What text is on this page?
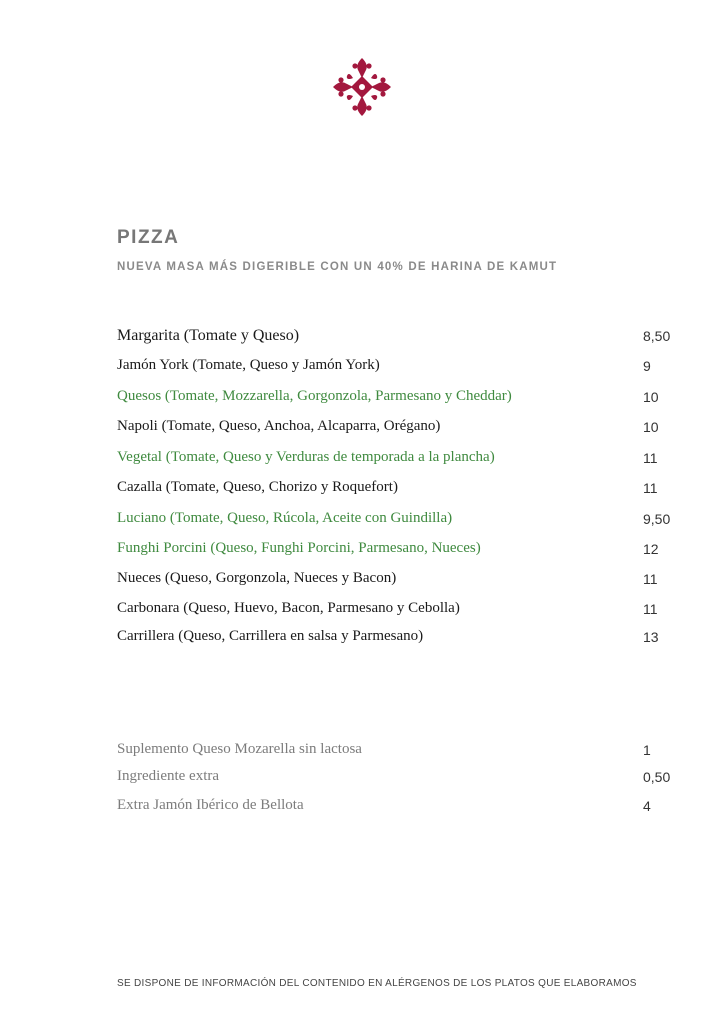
PIZZA
NUEVA MASA MÁS DIGERIBLE CON UN 40% DE HARINA DE KAMUT
Margarita (Tomate y Queso)	8,50
Jamón York (Tomate, Queso y Jamón York)	9
Quesos (Tomate, Mozzarella, Gorgonzola, Parmesano y Cheddar)	10
Napoli (Tomate, Queso, Anchoa, Alcaparra, Orégano)	10
Vegetal (Tomate, Queso y Verduras de temporada a la plancha)	11
Cazalla (Tomate, Queso, Chorizo y Roquefort)	11
Luciano (Tomate, Queso, Rúcola, Aceite con Guindilla)	9,50
Funghi Porcini (Queso, Funghi Porcini, Parmesano, Nueces)	12
Nueces (Queso, Gorgonzola, Nueces y Bacon)	11
Carbonara (Queso, Huevo, Bacon, Parmesano y Cebolla)	11
Carrillera (Queso, Carrillera en salsa y Parmesano)	13
Suplemento Queso Mozarella sin lactosa	1
Ingrediente extra	0,50
Extra Jamón Ibérico de Bellota	4
SE DISPONE DE INFORMACIÓN DEL CONTENIDO EN ALÉRGENOS DE LOS PLATOS QUE ELABORAMOS
